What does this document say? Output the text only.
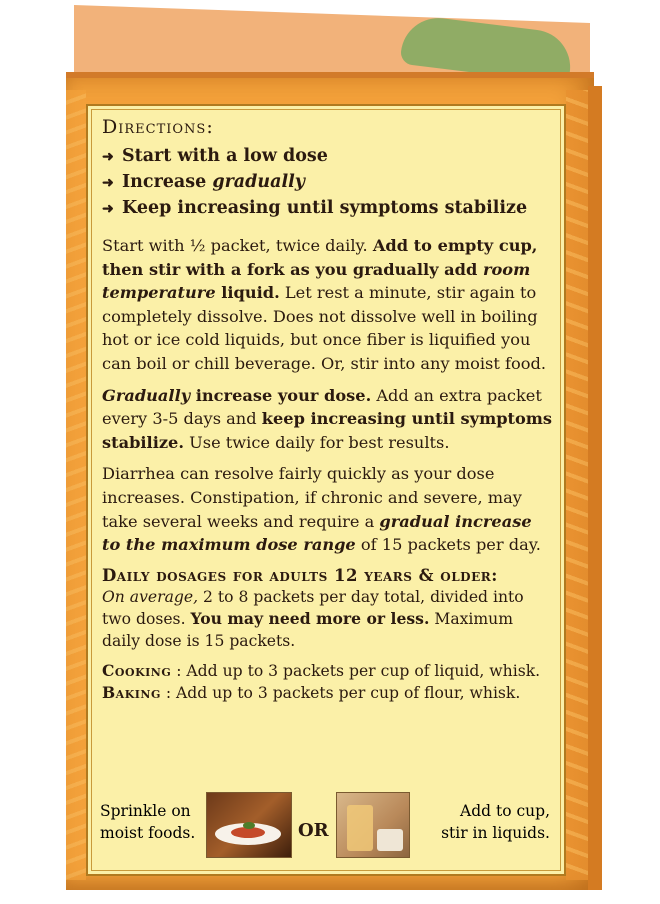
Directions:
➜ Start with a low dose
➜ Increase gradually
➜ Keep increasing until symptoms stabilize

Start with ½ packet, twice daily. Add to empty cup, then stir with a fork as you gradually add room temperature liquid. Let rest a minute, stir again to completely dissolve. Does not dissolve well in boiling hot or ice cold liquids, but once fiber is liquified you can boil or chill beverage. Or, stir into any moist food.

Gradually increase your dose. Add an extra packet every 3-5 days and keep increasing until symptoms stabilize. Use twice daily for best results.

Diarrhea can resolve fairly quickly as your dose increases. Constipation, if chronic and severe, may take several weeks and require a gradual increase to the maximum dose range of 15 packets per day.

Daily dosages for adults 12 years & older:

On average, 2 to 8 packets per day total, divided into two doses. You may need more or less. Maximum daily dose is 15 packets.

Cooking : Add up to 3 packets per cup of liquid, whisk.

Baking : Add up to 3 packets per cup of flour, whisk.

Sprinkle on moist foods.	OR
Add to cup, stir in liquids.
